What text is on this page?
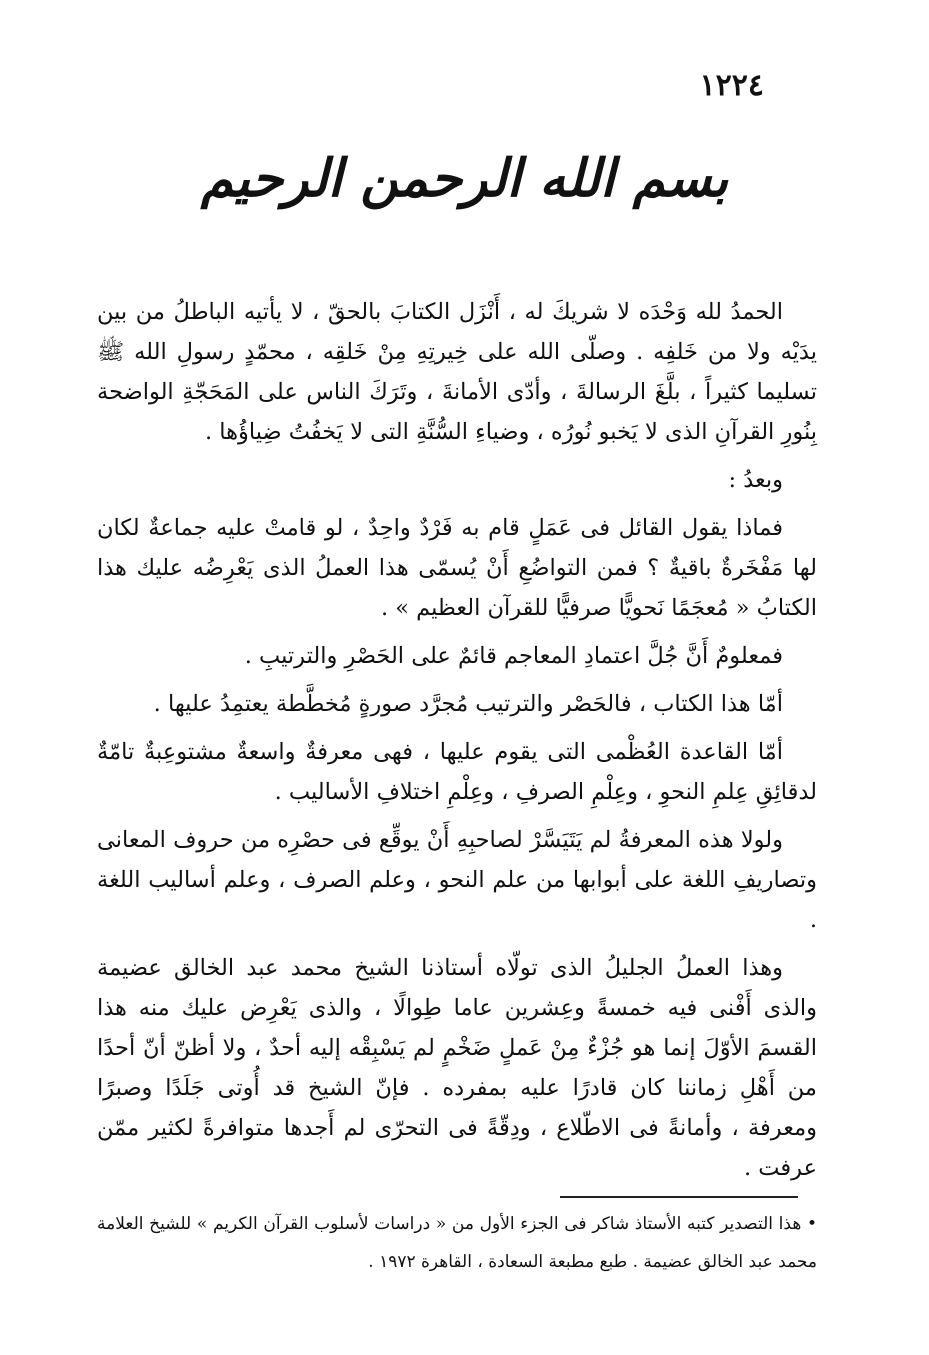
١٢٢٤
بسم الله الرحمن الرحيم

الحمدُ لله وَحْدَه لا شريكَ له ، أَنْزَل الكتابَ بالحقّ ، لا يأتيه الباطلُ من بين يدَيْه ولا من خَلفِه . وصلّى الله على خِيرتِهِ مِنْ خَلقِه ، محمّدٍ رسولِ الله ﷺ تسليما كثيراً ، بلَّغَ الرسالةَ ، وأدّى الأمانةَ ، وتَرَكَ الناس على المَحَجّةِ الواضحة بِنُورِ القرآنِ الذى لا يَخبو نُورُه ، وضياءِ السُّنَّةِ التى لا يَخفُتُ ضِياؤُها .

وبعدُ :

فماذا يقول القائل فى عَمَلٍ قام به فَرْدٌ واحِدٌ ، لو قامتْ عليه جماعةٌ لكان لها مَفْخَرةٌ باقيةٌ ؟ فمن التواضُعِ أَنْ يُسمّى هذا العملُ الذى يَعْرِضُه عليك هذا الكتابُ « مُعجَمًا نَحويًّا صرفيًّا للقرآن العظيم » .

فمعلومٌ أَنَّ جُلَّ اعتمادِ المعاجم قائمٌ على الحَصْرِ والترتيبِ .

أمّا هذا الكتاب ، فالحَصْر والترتيب مُجرَّد صورةٍ مُخطَّطة يعتمِدُ عليها .

أمّا القاعدة العُظْمى التى يقوم عليها ، فهى معرفةٌ واسعةٌ مشتوعِبةٌ تامّةٌ لدقائِقِ عِلمِ النحوِ ، وعِلْمِ الصرفِ ، وعِلْمِ اختلافِ الأساليب .

ولولا هذه المعرفةُ لم يَتَيَسَّرْ لصاحبِهِ أَنْ يوقِّع فى حصْرِه من حروف المعانى وتصاريفِ اللغة على أبوابها من علم النحو ، وعلم الصرف ، وعلم أساليب اللغة .

وهذا العملُ الجليلُ الذى تولّاه أستاذنا الشيخ محمد عبد الخالق عضيمة والذى أَفْنى فيه خمسةً وعِشرين عاما طِوالًا ، والذى يَعْرِض عليك منه هذا القسمَ الأوّلَ إنما هو جُزْءٌ مِنْ عَملٍ ضَخْمٍ لم يَسْبِقْه إليه أحدٌ ، ولا أظنّ أنّ أحدًا من أَهْلِ زماننا كان قادرًا عليه بمفرده . فإنّ الشيخ قد أُوتى جَلَدًا وصبرًا ومعرفة ، وأمانةً فى الاطّلاع ، ودِقّةً فى التحرّى لم أَجدها متوافرةً لكثير ممّن عرفت .

• هذا التصدير كتبه الأستاذ شاكر فى الجزء الأول من « دراسات لأسلوب القرآن الكريم » للشيخ العلامة محمد عبد الخالق عضيمة . طبع مطبعة السعادة ، القاهرة ١٩٧٢ .
